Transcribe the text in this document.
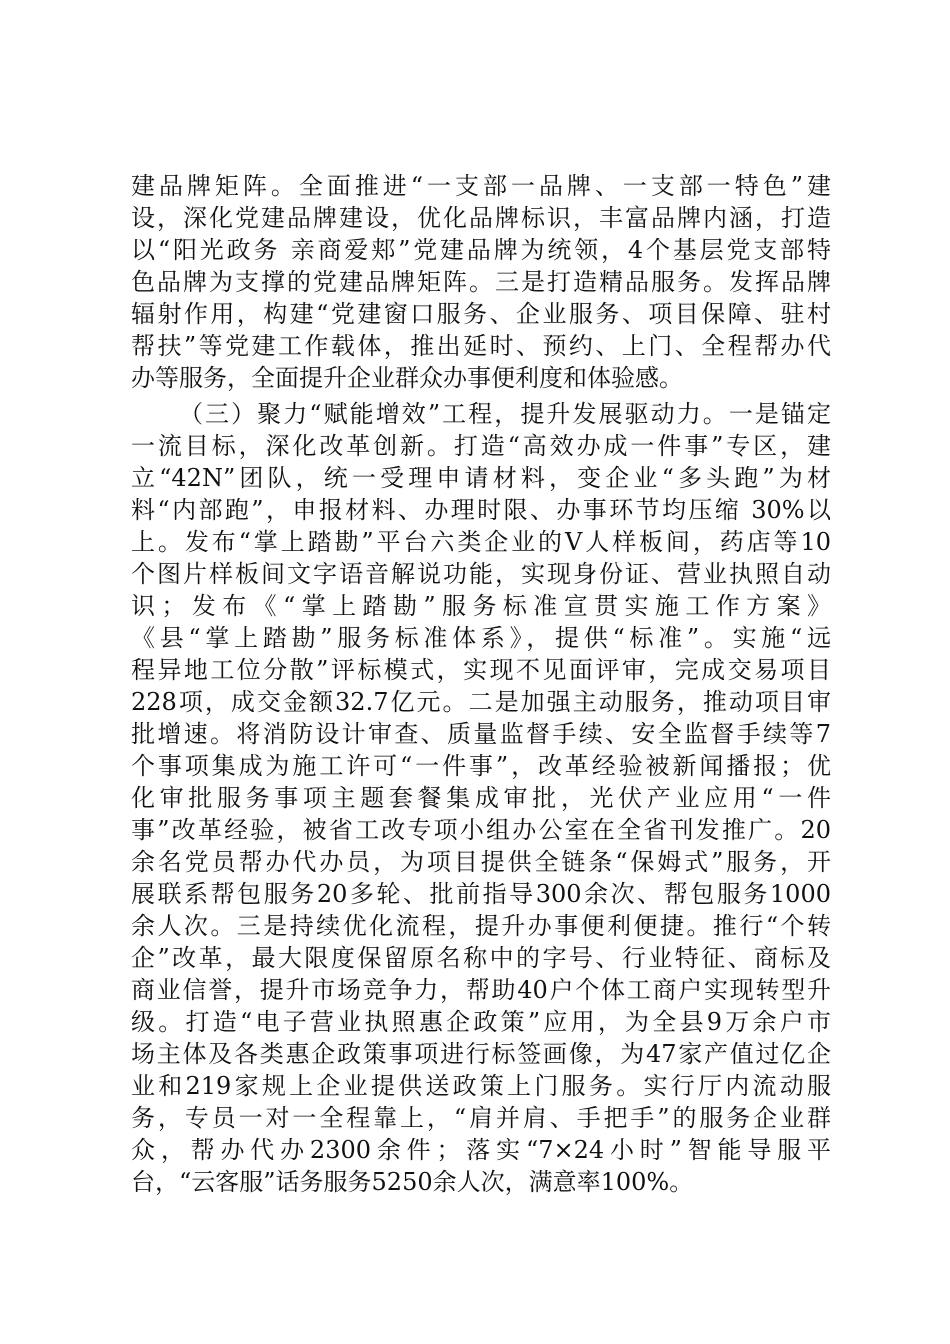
建品牌矩阵。全面推进“一支部一品牌、一支部一特色”建
设，深化党建品牌建设，优化品牌标识，丰富品牌内涵，打造
以“阳光政务 亲商爱郏”党建品牌为统领，4个基层党支部特
色品牌为支撑的党建品牌矩阵。三是打造精品服务。发挥品牌
辐射作用，构建“党建窗口服务、企业服务、项目保障、驻村
帮扶”等党建工作载体，推出延时、预约、上门、全程帮办代
办等服务，全面提升企业群众办事便利度和体验感。
（三）聚力“赋能增效”工程，提升发展驱动力。一是锚定
一流目标，深化改革创新。打造“高效办成一件事”专区，建
立“42N”团队，统一受理申请材料，变企业“多头跑”为材
料“内部跑”，申报材料、办理时限、办事环节均压缩 30%以
上。发布“掌上踏勘”平台六类企业的V人样板间，药店等10
个图片样板间文字语音解说功能，实现身份证、营业执照自动
识；发布《“掌上踏勘”服务标准宣贯实施工作方案》
《县“掌上踏勘”服务标准体系》，提供“标准”。实施“远
程异地工位分散”评标模式，实现不见面评审，完成交易项目
228项，成交金额32.7亿元。二是加强主动服务，推动项目审
批增速。将消防设计审查、质量监督手续、安全监督手续等7
个事项集成为施工许可“一件事”，改革经验被新闻播报；优
化审批服务事项主题套餐集成审批，光伏产业应用“一件
事”改革经验，被省工改专项小组办公室在全省刊发推广。20
余名党员帮办代办员，为项目提供全链条“保姆式”服务，开
展联系帮包服务20多轮、批前指导300余次、帮包服务1000
余人次。三是持续优化流程，提升办事便利便捷。推行“个转
企”改革，最大限度保留原名称中的字号、行业特征、商标及
商业信誉，提升市场竞争力，帮助40户个体工商户实现转型升
级。打造“电子营业执照惠企政策”应用，为全县9万余户市
场主体及各类惠企政策事项进行标签画像，为47家产值过亿企
业和219家规上企业提供送政策上门服务。实行厅内流动服
务，专员一对一全程靠上，“肩并肩、手把手”的服务企业群
众，帮办代办2300余件；落实“7×24小时”智能导服平
台，“云客服”话务服务5250余人次，满意率100%。
